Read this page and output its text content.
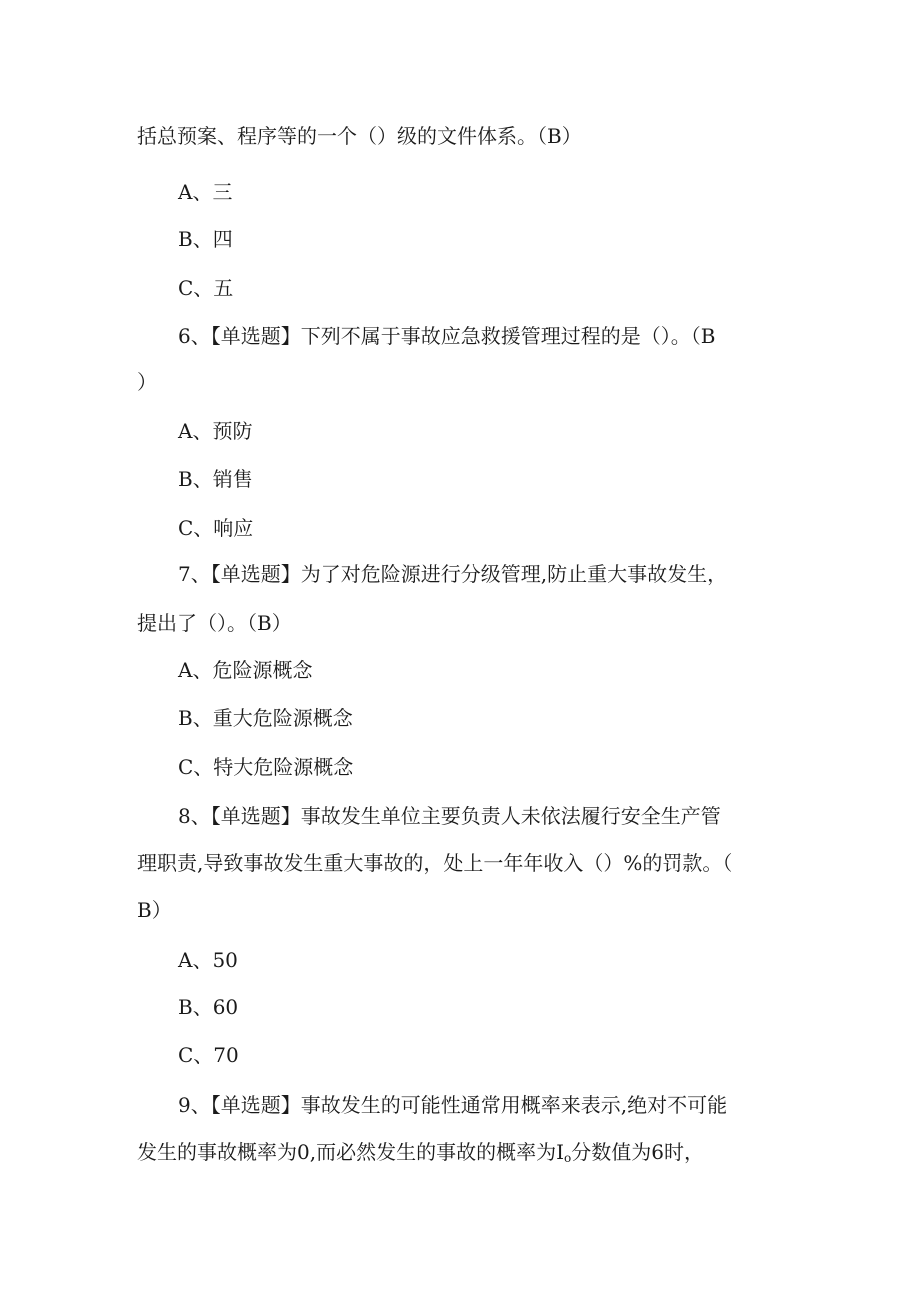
括总预案、程序等的一个（）级的文件体系。（B）
A、三
B、四
C、五
6、【单选题】下列不属于事故应急救援管理过程的是（）。（B
）
A、预防
B、销售
C、响应
7、【单选题】为了对危险源进行分级管理,防止重大事故发生，
提出了（）。（B）
A、危险源概念
B、重大危险源概念
C、特大危险源概念
8、【单选题】事故发生单位主要负责人未依法履行安全生产管
理职责,导致事故发生重大事故的，处上一年年收入（）%的罚款。（
B）
A、50
B、60
C、70
9、【单选题】事故发生的可能性通常用概率来表示,绝对不可能
发生的事故概率为0,而必然发生的事故的概率为$I_o$分数值为6时，
